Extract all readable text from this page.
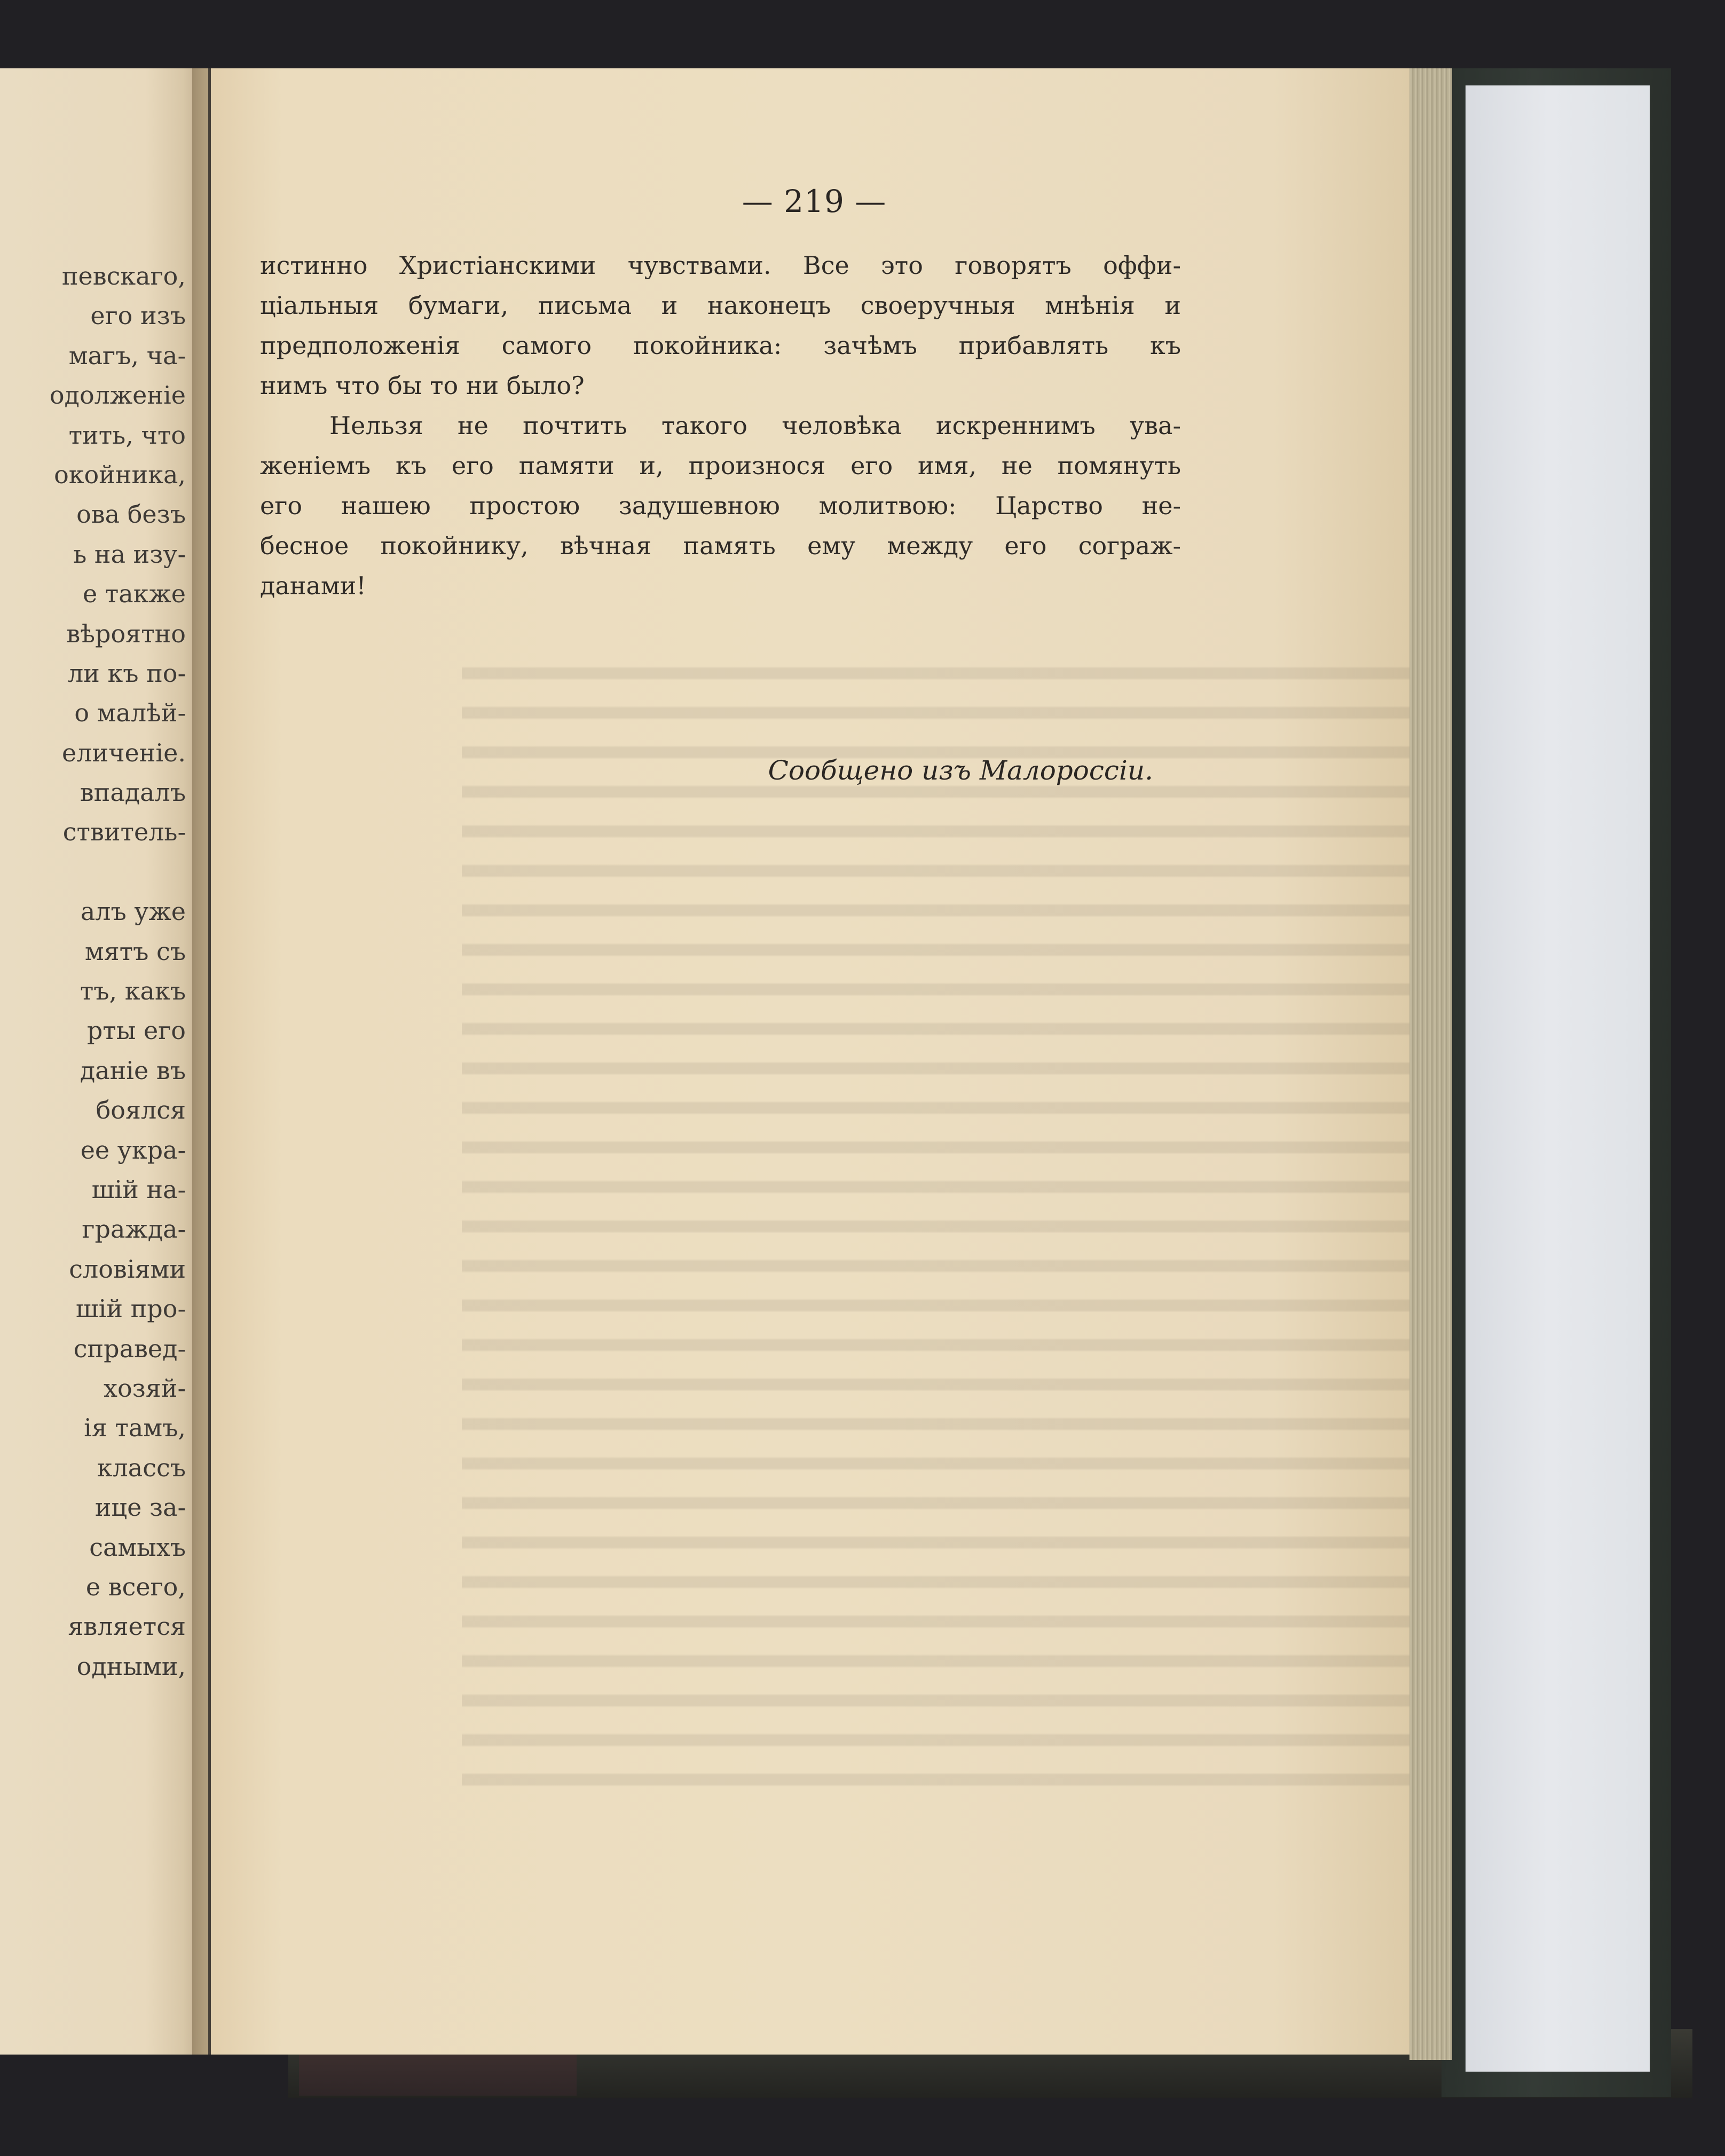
певскаго,
его изъ
магъ, ча-
одолженіе
тить, что
окойника,
ова безъ
ь на изу-
е также
вѣроятно
ли къ по-
о малѣй-
еличеніе.
впадалъ
ствитель-
алъ уже
мятъ съ
тъ, какъ
рты его
даніе въ
боялся
ее укра-
шій на-
гражда-
словіями
шій про-
справед-
хозяй-
ія тамъ,
классъ
ице за-
самыхъ
е всего,
является
одными,
— 219 —
истинно Христіанскими чувствами. Все это говорятъ оффи-
ціальныя бумаги, письма и наконецъ своеручныя мнѣнія и
предположенія самого покойника: зачѣмъ прибавлять къ
нимъ что бы то ни было?
Нельзя не почтить такого человѣка искреннимъ ува-
женіемъ къ его памяти и, произнося его имя, не помянуть
его нашею простою задушевною молитвою: Царство не-
бесное покойнику, вѣчная память ему между его сограж-
данами!
Сообщено изъ Малороссіи.
